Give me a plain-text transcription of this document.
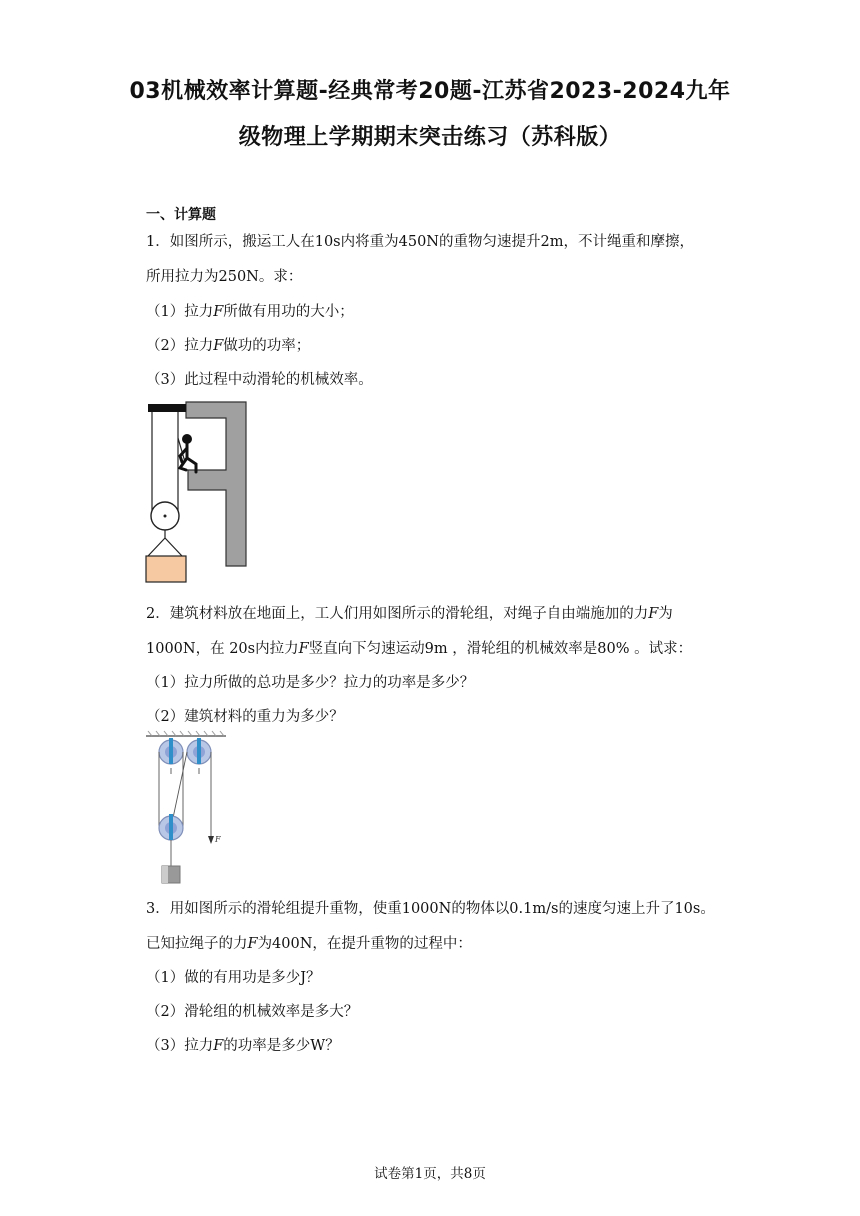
03机械效率计算题-经典常考20题-江苏省2023-2024九年
级物理上学期期末突击练习（苏科版）
一、计算题
1．如图所示，搬运工人在10s内将重为450N的重物匀速提升2m，不计绳重和摩擦，
所用拉力为250N。求：
（1）拉力F所做有用功的大小；
（2）拉力F做功的功率；
（3）此过程中动滑轮的机械效率。
2．建筑材料放在地面上，工人们用如图所示的滑轮组，对绳子自由端施加的力F为
1000N，在 20s内拉力F竖直向下匀速运动9m ，滑轮组的机械效率是80% 。试求：
（1）拉力所做的总功是多少？拉力的功率是多少？
（2）建筑材料的重力为多少？
F
3．用如图所示的滑轮组提升重物，使重1000N的物体以0.1m/s的速度匀速上升了10s。
已知拉绳子的力F为400N，在提升重物的过程中：
（1）做的有用功是多少J？
（2）滑轮组的机械效率是多大？
（3）拉力F的功率是多少W？
试卷第1页，共8页
